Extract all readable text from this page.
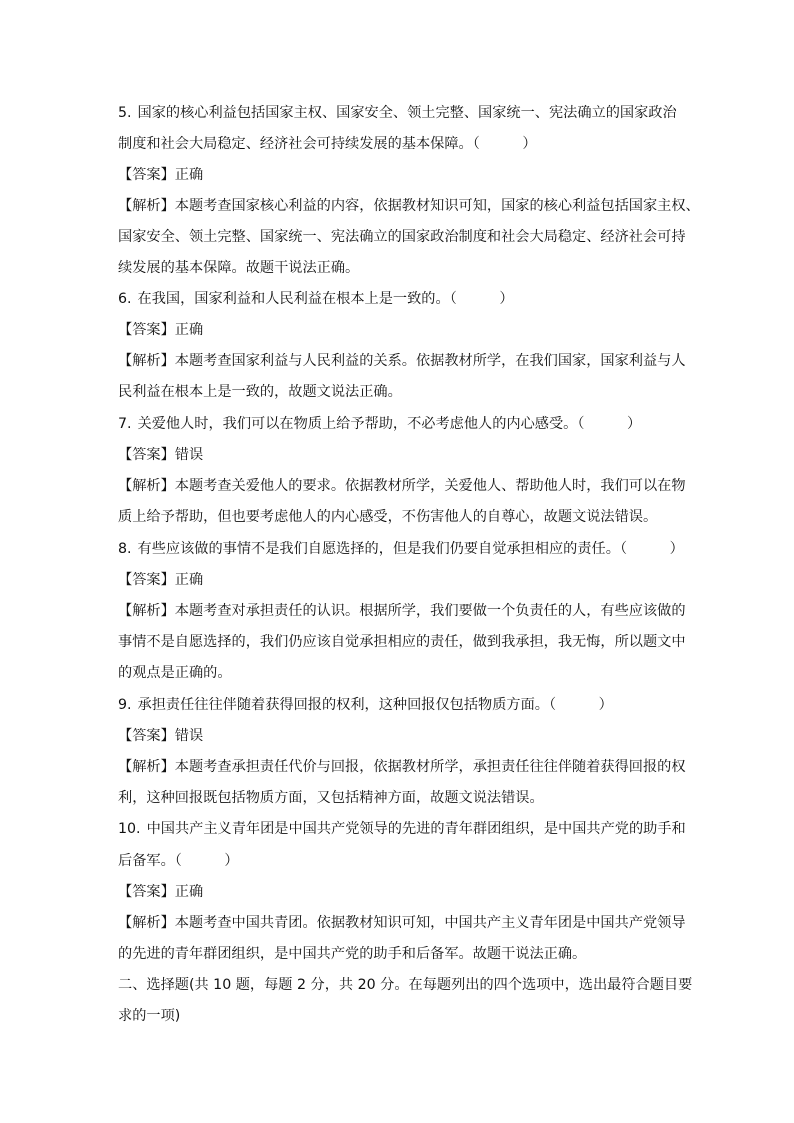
5. 国家的核心利益包括国家主权、国家安全、领土完整、国家统一、宪法确立的国家政治
制度和社会大局稳定、经济社会可持续发展的基本保障。（　　　）
【答案】正确
【解析】本题考查国家核心利益的内容，依据教材知识可知，国家的核心利益包括国家主权、
国家安全、领土完整、国家统一、宪法确立的国家政治制度和社会大局稳定、经济社会可持
续发展的基本保障。故题干说法正确。
6. 在我国，国家利益和人民利益在根本上是一致的。（　　　）
【答案】正确
【解析】本题考查国家利益与人民利益的关系。依据教材所学，在我们国家，国家利益与人
民利益在根本上是一致的，故题文说法正确。
7. 关爱他人时，我们可以在物质上给予帮助，不必考虑他人的内心感受。（　　　）
【答案】错误
【解析】本题考查关爱他人的要求。依据教材所学，关爱他人、帮助他人时，我们可以在物
质上给予帮助，但也要考虑他人的内心感受，不伤害他人的自尊心，故题文说法错误。
8. 有些应该做的事情不是我们自愿选择的，但是我们仍要自觉承担相应的责任。（　　　）
【答案】正确
【解析】本题考查对承担责任的认识。根据所学，我们要做一个负责任的人，有些应该做的
事情不是自愿选择的，我们仍应该自觉承担相应的责任，做到我承担，我无悔，所以题文中
的观点是正确的。
9. 承担责任往往伴随着获得回报的权利，这种回报仅包括物质方面。（　　　）
【答案】错误
【解析】本题考查承担责任代价与回报，依据教材所学，承担责任往往伴随着获得回报的权
利，这种回报既包括物质方面，又包括精神方面，故题文说法错误。
10. 中国共产主义青年团是中国共产党领导的先进的青年群团组织，是中国共产党的助手和
后备军。（　　　）
【答案】正确
【解析】本题考查中国共青团。依据教材知识可知，中国共产主义青年团是中国共产党领导
的先进的青年群团组织，是中国共产党的助手和后备军。故题干说法正确。
二、选择题(共 10 题，每题 2 分，共 20 分。在每题列出的四个选项中，选出最符合题目要
求的一项)
